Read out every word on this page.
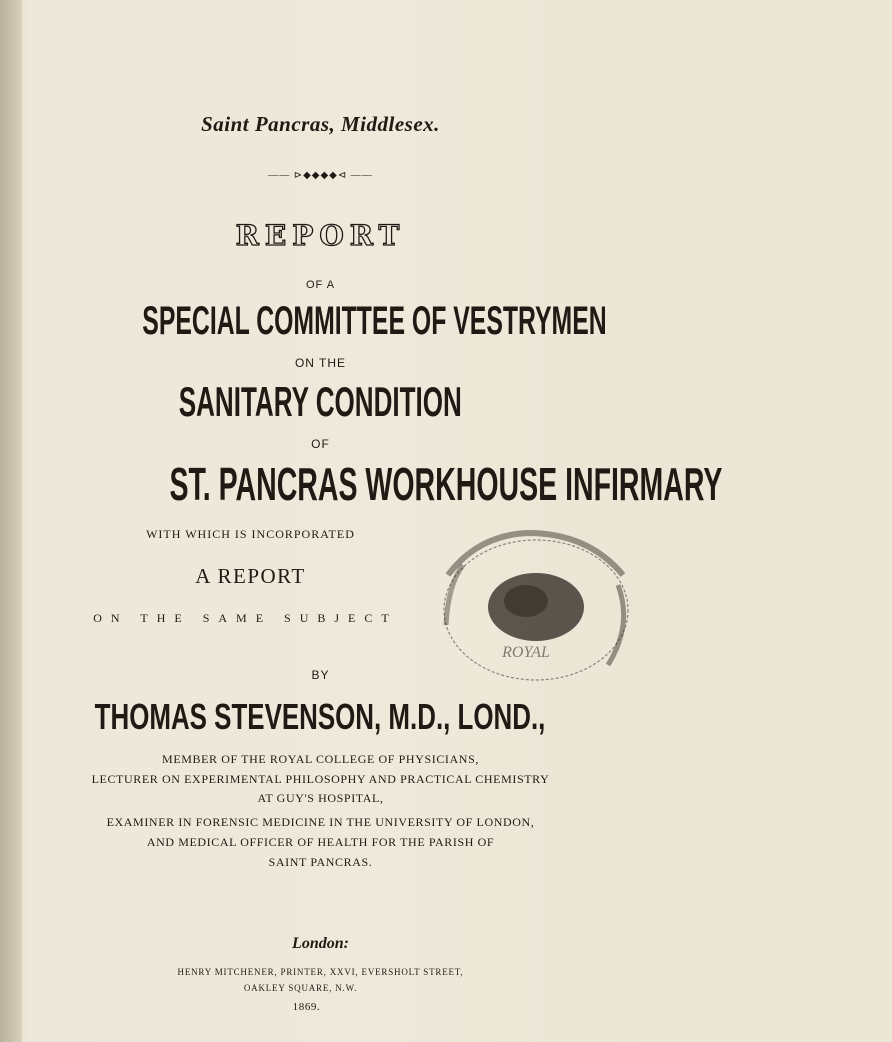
Saint Pancras, Middlesex.
—— ⊳◆◆◆◆⊲ ——
REPORT
OF A
SPECIAL COMMITTEE OF VESTRYMEN
ON THE
SANITARY CONDITION
OF
ST. PANCRAS WORKHOUSE INFIRMARY
WITH WHICH IS INCORPORATED
A REPORT
ON THE SAME SUBJECT
ROYAL
BY
THOMAS STEVENSON, M.D., LOND.,
MEMBER OF THE ROYAL COLLEGE OF PHYSICIANS,
LECTURER ON EXPERIMENTAL PHILOSOPHY AND PRACTICAL CHEMISTRY
AT GUY'S HOSPITAL,
EXAMINER IN FORENSIC MEDICINE IN THE UNIVERSITY OF LONDON,
AND MEDICAL OFFICER OF HEALTH FOR THE PARISH OF
SAINT PANCRAS.
London:
HENRY MITCHENER, PRINTER, XXVI, EVERSHOLT STREET,
OAKLEY SQUARE, N.W.
1869.
